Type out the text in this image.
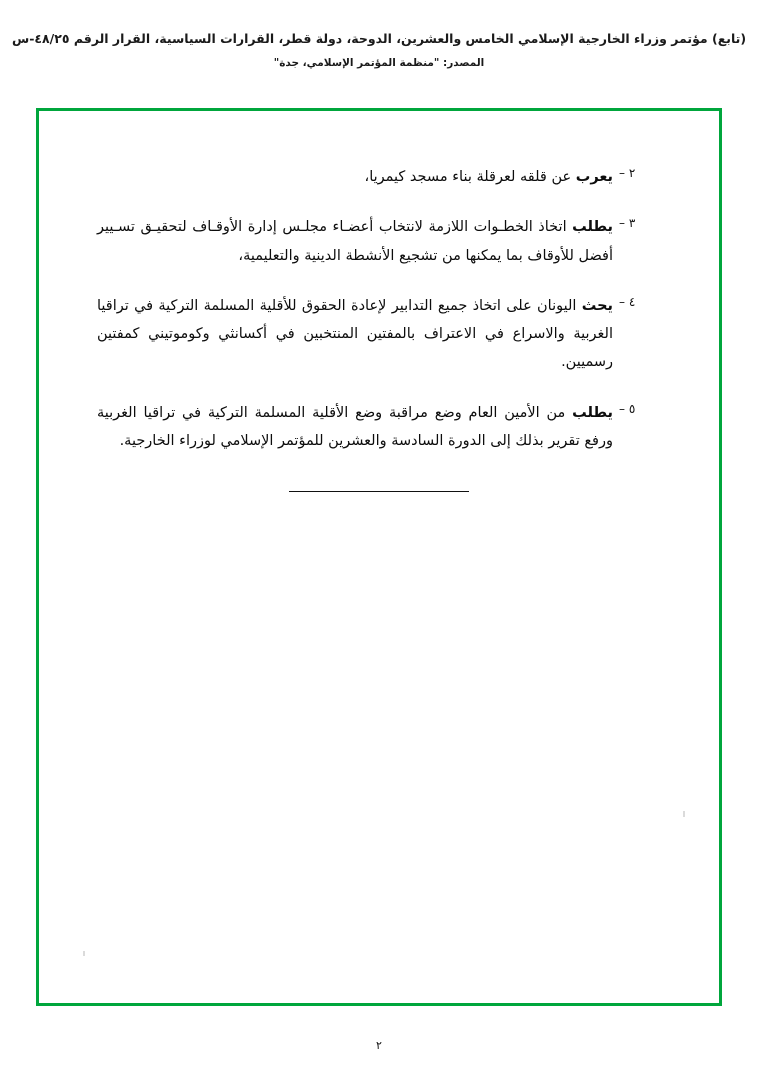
(تابع) مؤتمر وزراء الخارجية الإسلامي الخامس والعشرين، الدوحة، دولة قطر، القرارات السياسية، القرار الرقم ٤٨/٢٥-س
المصدر: "منظمة المؤتمر الإسلامي، جدة"
٢ –
يعرب عن قلقه لعرقلة بناء مسجد كيمريا،
٣ –
يطلب اتخاذ الخطـوات اللازمة لانتخاب أعضـاء مجلـس إدارة الأوقـاف لتحقيـق تسـيير أفضل للأوقاف بما يمكنها من تشجيع الأنشطة الدينية والتعليمية،
٤ –
يحث اليونان على اتخاذ جميع التدابير لإعادة الحقوق للأقلية المسلمة التركية في تراقيا الغربية والاسراع في الاعتراف بالمفتين المنتخبين في أكسانثي وكوموتيني كمفتين رسميين.
٥ –
يطلب من الأمين العام وضع مراقبة وضع الأقلية المسلمة التركية في تراقيا الغربية ورفع تقرير بذلك إلى الدورة السادسة والعشرين للمؤتمر الإسلامي لوزراء الخارجية.
٢
